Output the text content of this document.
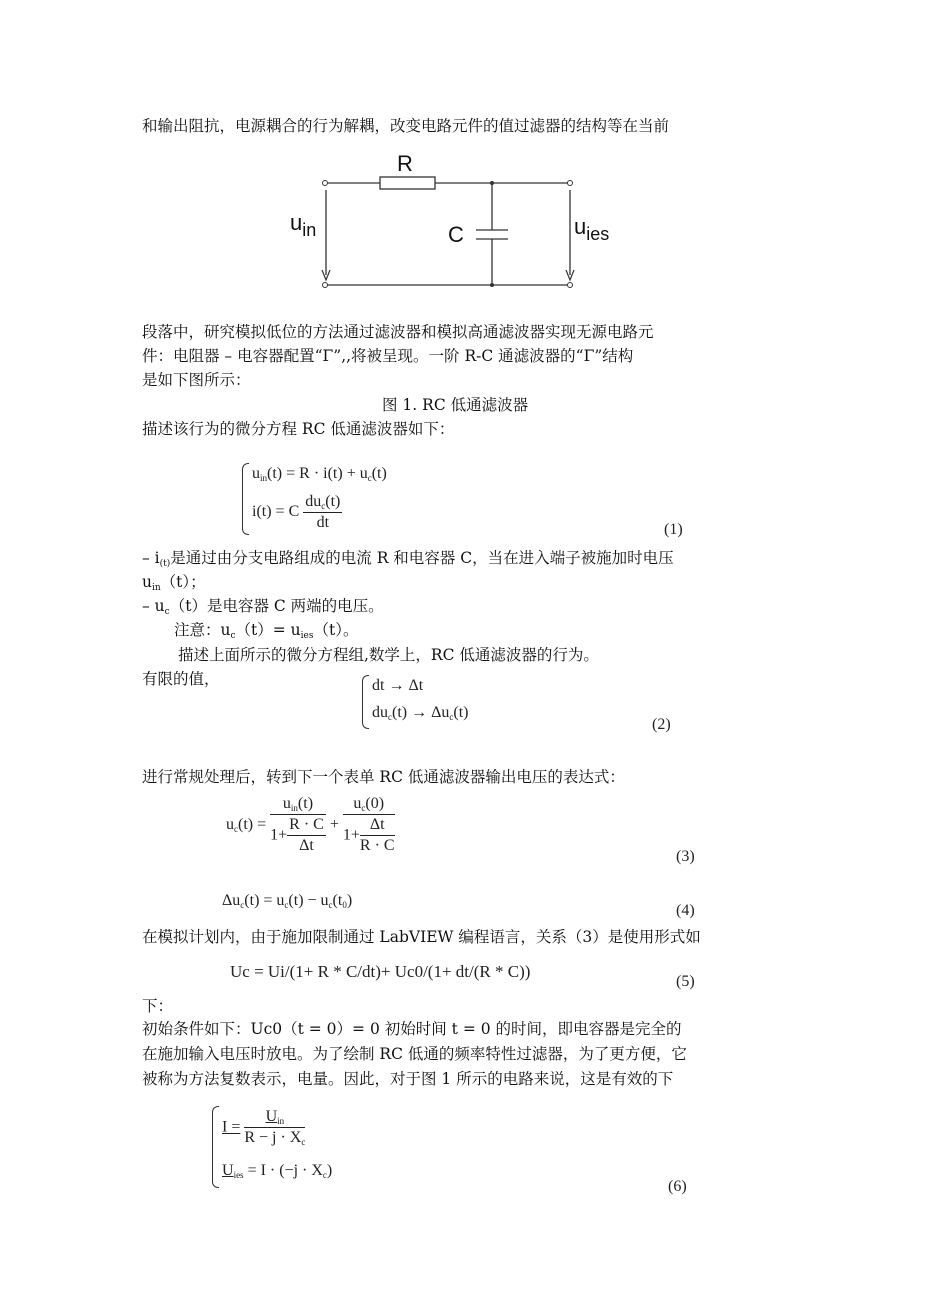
和输出阻抗，电源耦合的行为解耦，改变电路元件的值过滤器的结构等在当前
R
C
$u_{in}$	$u_{ies}$
段落中，研究模拟低位的方法通过滤波器和模拟高通滤波器实现无源电路元
件：电阻器 – 电容器配置“Γ”,,将被呈现。一阶 R-C 通滤波器的“Γ”结构
是如下图所示：
图 1. RC 低通滤波器
描述该行为的微分方程 RC 低通滤波器如下：
$u_{in}(t) = R \cdot i(t) + u_c(t)$
i(t) = C $\frac{du_c(t)}{dt}$	(1)
– $i_{(t)}$是通过由分支电路组成的电流 R 和电容器 C，当在进入端子被施加时电压
$u_{in}(t)$；
– $u_c(t)$是电容器 C 两端的电压。
注意：$u_c(t)= u_{ies}(t)$。
描述上面所示的微分方程组,数学上，RC 低通滤波器的行为。
有限的值，	dt → Δt
$du_c(t) \to \Delta u_c(t)$
(2)
进行常规处理后，转到下一个表单 RC 低通滤波器输出电压的表达式：
$u_c(t) = \frac{u_{in}(t)}{1+ \frac{R \cdot C}{\Delta t}} + \frac{u_c(0)}{1+ \frac{\Delta t}{R \cdot C}}$
(3)
$\Delta u_c(t) = u_c(t) - u_c(t_0)$
(4)
在模拟计划内，由于施加限制通过 LabVIEW 编程语言，关系（3）是使用形式如
Uc = Ui/(1+ R * C/dt)+ Uc0/(1+ dt/(R * C))
(5)
下：
初始条件如下：Uc0（t = 0）= 0 初始时间 t = 0 的时间，即电容器是完全的
在施加输入电压时放电。为了绘制 RC 低通的频率特性过滤器，为了更方便，它
被称为方法复数表示，电量。因此，对于图 1 所示的电路来说，这是有效的下
$I = \frac{U_{in}}{R - j \cdot X_c}$
$U_{ies} = I \cdot (-j \cdot X_c)$
(6)
